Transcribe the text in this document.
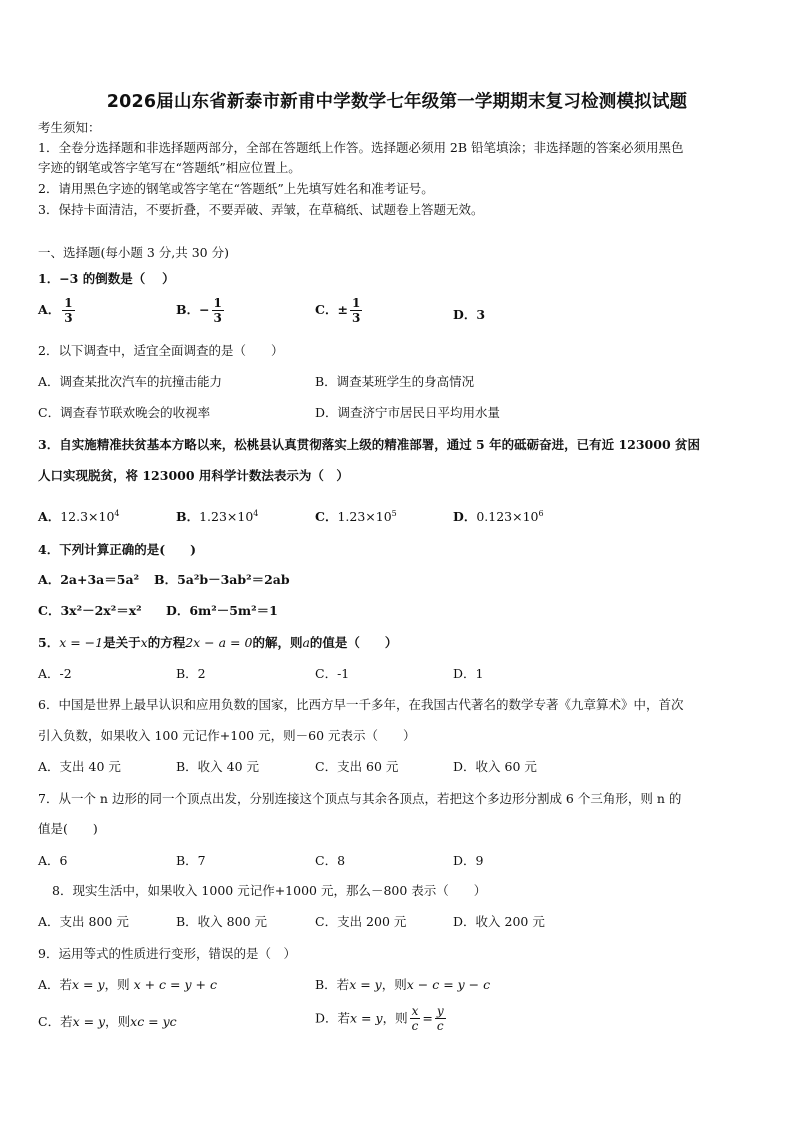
2026届山东省新泰市新甫中学数学七年级第一学期期末复习检测模拟试题
考生须知：
1．全卷分选择题和非选择题两部分，全部在答题纸上作答。选择题必须用 2B 铅笔填涂；非选择题的答案必须用黑色
字迹的钢笔或答字笔写在“答题纸”相应位置上。
2．请用黑色字迹的钢笔或答字笔在“答题纸”上先填写姓名和准考证号。
3．保持卡面清洁，不要折叠，不要弄破、弄皱，在草稿纸、试题卷上答题无效。
一、选择题(每小题 3 分,共 30 分)
1．−3 的倒数是（　 ）
A． $\frac{1}{3}$	B．− $\frac{1}{3}$	C．± $\frac{1}{3}$	D．3
2．以下调查中，适宜全面调查的是（　　）
A．调查某批次汽车的抗撞击能力	B．调查某班学生的身高情况
C．调查春节联欢晚会的收视率	D．调查济宁市居民日平均用水量
3．自实施精准扶贫基本方略以来，松桃县认真贯彻落实上级的精准部署，通过 5 年的砥砺奋进，已有近 123000 贫困
人口实现脱贫，将 123000 用科学计数法表示为（　）
A．$12.3\times 10^4$	B．$1.23\times 10^4$	C．$1.23\times 10^5$	D．$0.123\times 10^6$
4．下列计算正确的是(　　)
A．2a+3a＝5a² B．5a²b－3ab²＝2ab
C．3x²－2x²＝x² D．6m²－5m²＝1
5．x = −1是关于x的方程2x − a = 0的解，则a的值是（　　）
A．-2	B．2	C．-1	D．1
6．中国是世界上最早认识和应用负数的国家，比西方早一千多年，在我国古代著名的数学专著《九章算术》中，首次
引入负数，如果收入 100 元记作+100 元，则－60 元表示（　　）
A．支出 40 元	B．收入 40 元	C．支出 60 元	D．收入 60 元
7．从一个 n 边形的同一个顶点出发，分别连接这个顶点与其余各顶点，若把这个多边形分割成 6 个三角形，则 n 的
值是(　　)
A．6	B．7	C．8	D．9
8．现实生活中，如果收入 1000 元记作+1000 元，那么－800 表示（　　）
A．支出 800 元	B．收入 800 元	C．支出 200 元	D．收入 200 元
9．运用等式的性质进行变形，错误的是（　）
A．若x = y，则 x + c = y + c	B．若x = y，则x − c = y − c
C．若x = y，则xc = yc	D．若x = y，则 $\frac{x}{c} = \frac{y}{c}$
